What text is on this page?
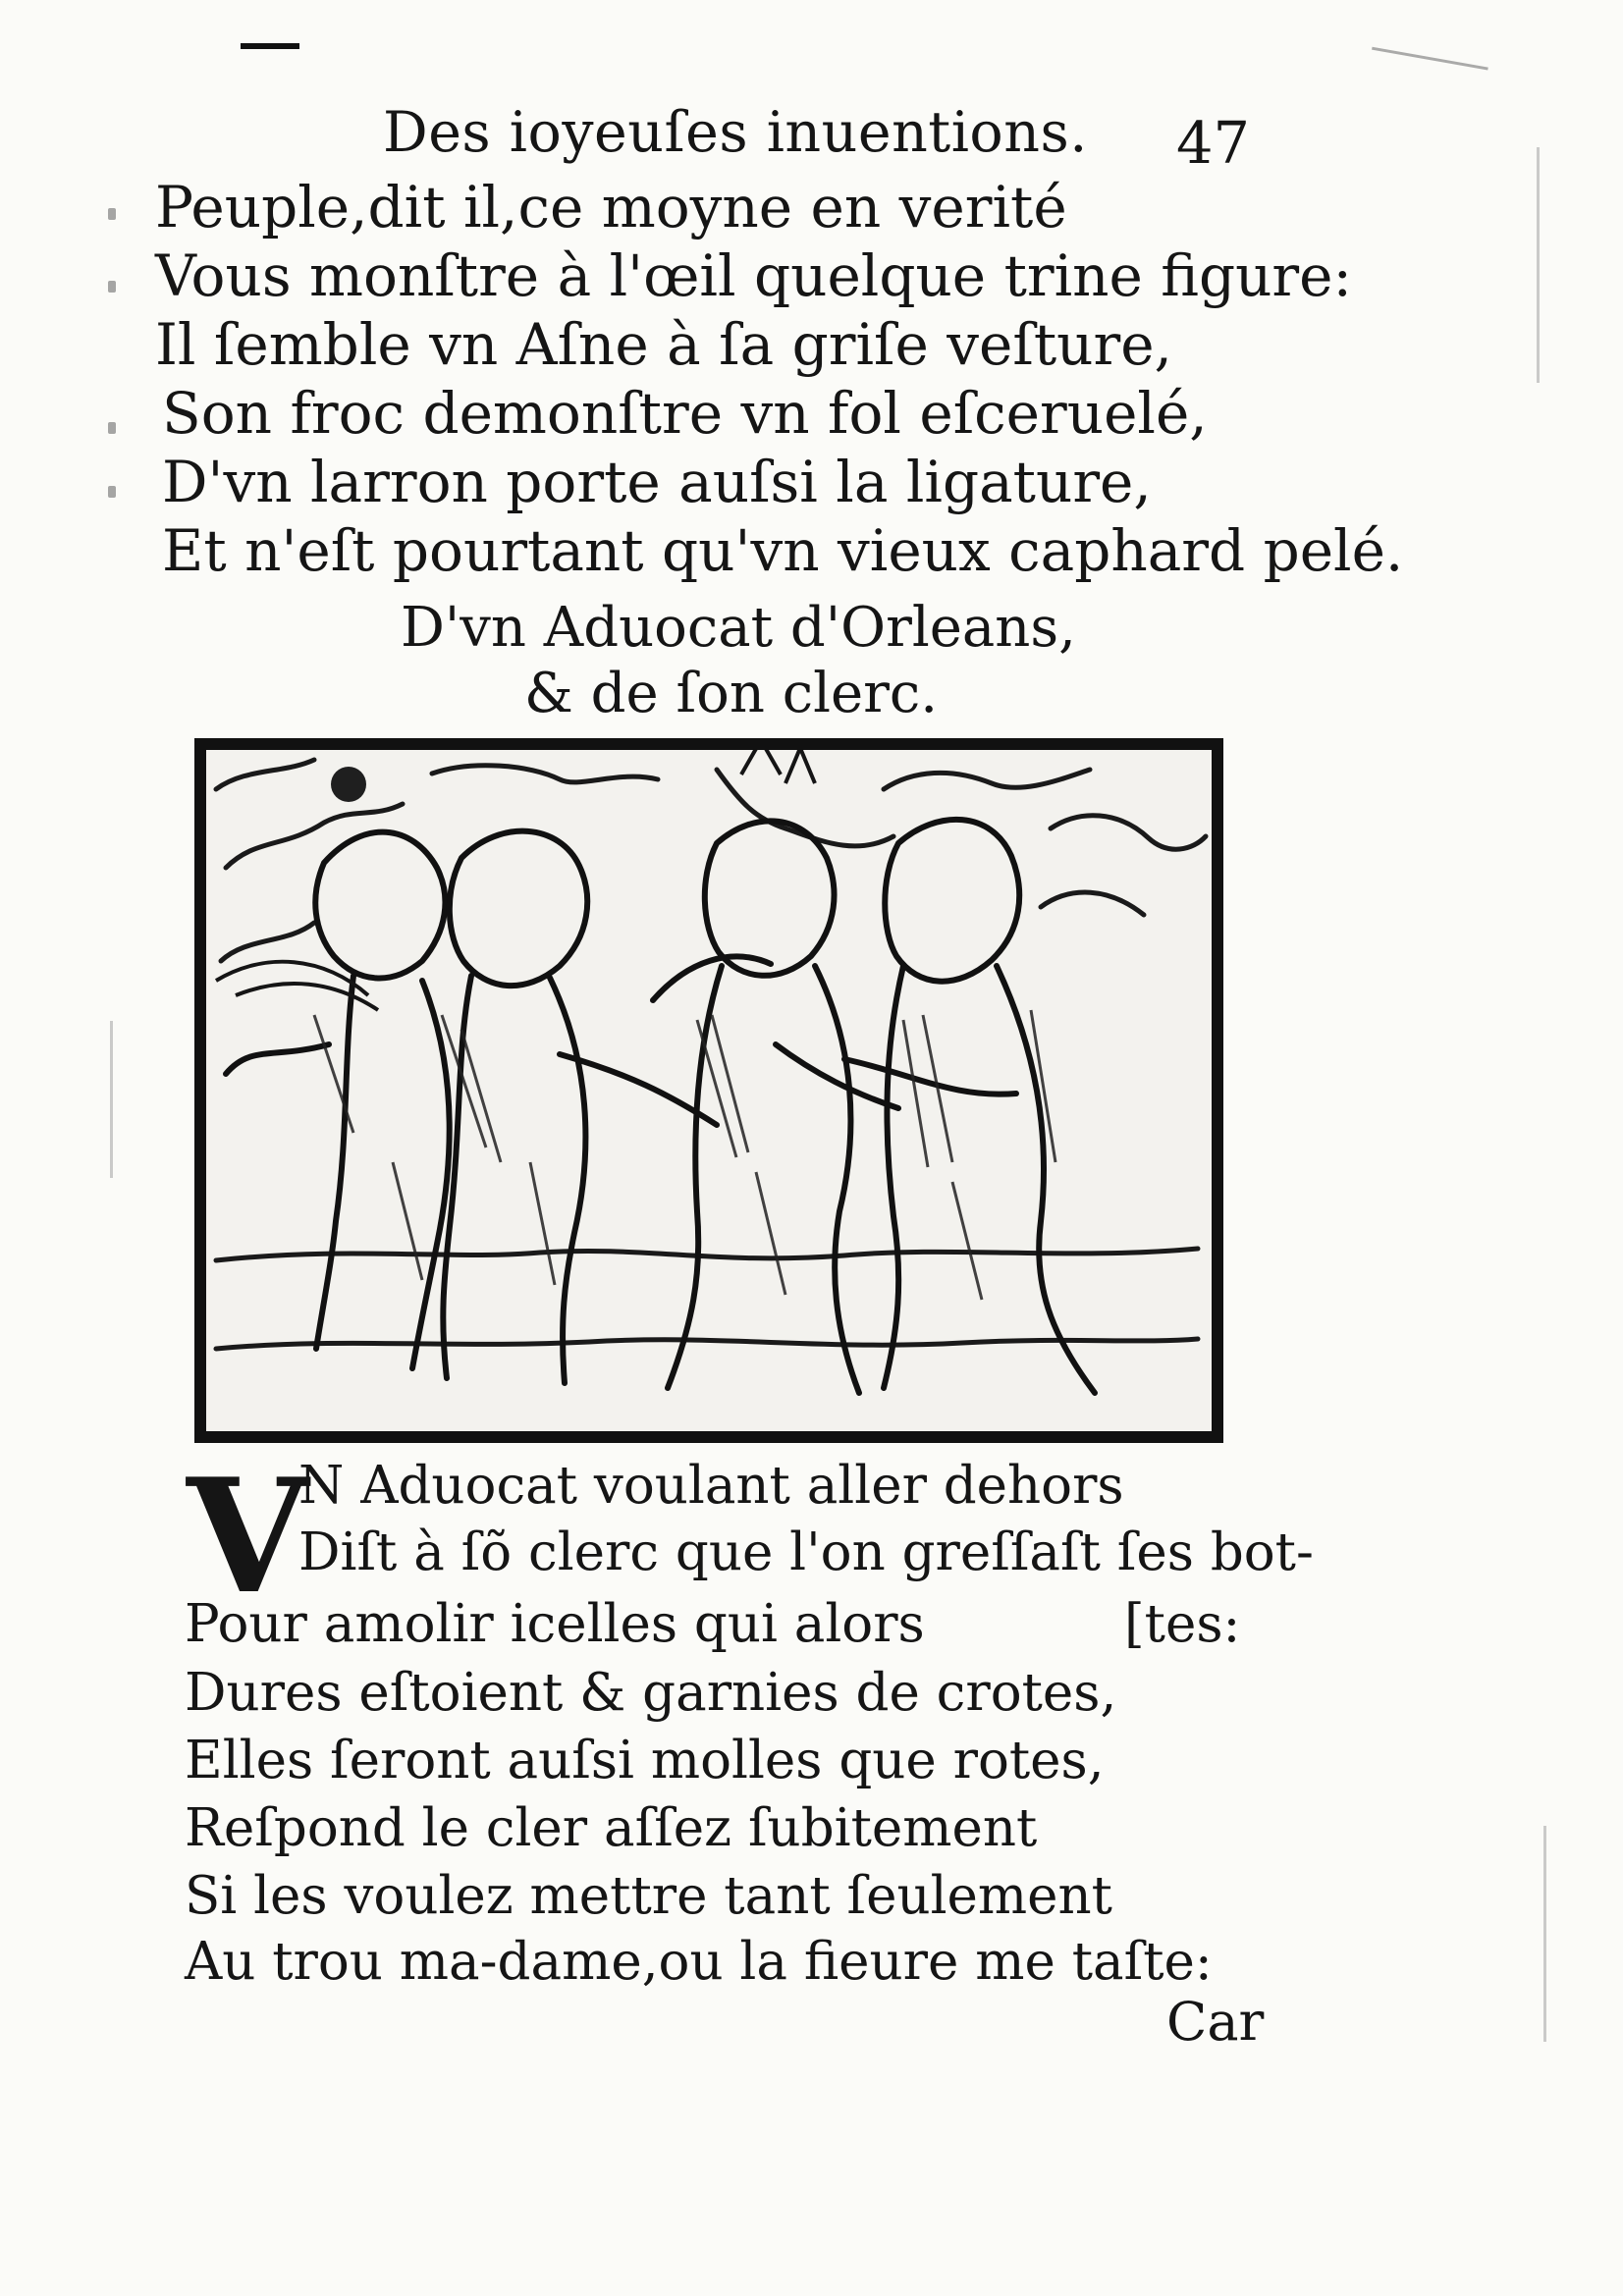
Des ioyeuſes inuentions. 47
Peuple,dit il,ce moyne en verité
Vous monſtre à l'œil quelque trine figure:
Il ſemble vn Aſne à ſa griſe veſture,
Son froc demonſtre vn fol eſceruelé,
D'vn larron porte auſsi la ligature,
Et n'eſt pourtant qu'vn vieux caphard pelé.
D'vn Aduocat d'Orleans,
& de ſon clerc.
V
N Aduocat voulant aller dehors
Diſt à ſõ clerc que l'on greſſaſt ſes bot-
Pour amolir icelles qui alors	[tes:
Dures eſtoient & garnies de crotes,
Elles ſeront auſsi molles que rotes,
Reſpond le cler aſſez ſubitement
Si les voulez mettre tant ſeulement
Au trou ma-dame,ou la fieure me taſte:
Car
